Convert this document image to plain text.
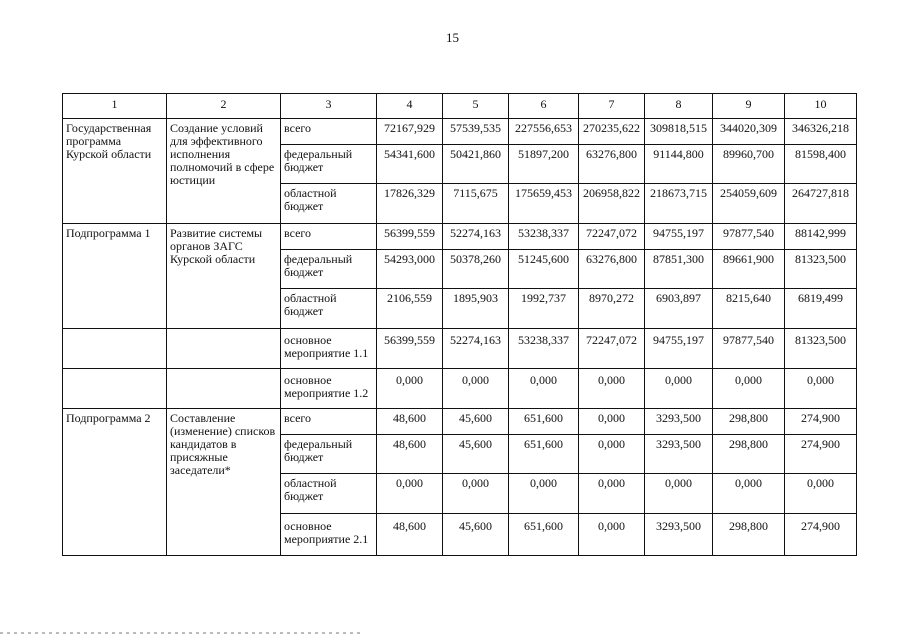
15
1	2	3	4	5	6	7	8	9	10
Государственная программа Курской области	Создание условий для эффективного исполнения полномочий в сфере юстиции	всего	72167,929	57539,535	227556,653	270235,622	309818,515	344020,309	346326,218
		федеральный бюджет	54341,600	50421,860	51897,200	63276,800	91144,800	89960,700	81598,400
		областной бюджет	17826,329	7115,675	175659,453	206958,822	218673,715	254059,609	264727,818
Подпрограмма 1	Развитие системы органов ЗАГС Курской области	всего	56399,559	52274,163	53238,337	72247,072	94755,197	97877,540	88142,999
		федеральный бюджет	54293,000	50378,260	51245,600	63276,800	87851,300	89661,900	81323,500
		областной бюджет	2106,559	1895,903	1992,737	8970,272	6903,897	8215,640	6819,499
		основное мероприятие 1.1	56399,559	52274,163	53238,337	72247,072	94755,197	97877,540	81323,500
		основное мероприятие 1.2	0,000	0,000	0,000	0,000	0,000	0,000	0,000
Подпрограмма 2	Составление (изменение) списков кандидатов в присяжные заседатели*	всего	48,600	45,600	651,600	0,000	3293,500	298,800	274,900
		федеральный бюджет	48,600	45,600	651,600	0,000	3293,500	298,800	274,900
		областной бюджет	0,000	0,000	0,000	0,000	0,000	0,000	0,000
		основное мероприятие 2.1	48,600	45,600	651,600	0,000	3293,500	298,800	274,900
